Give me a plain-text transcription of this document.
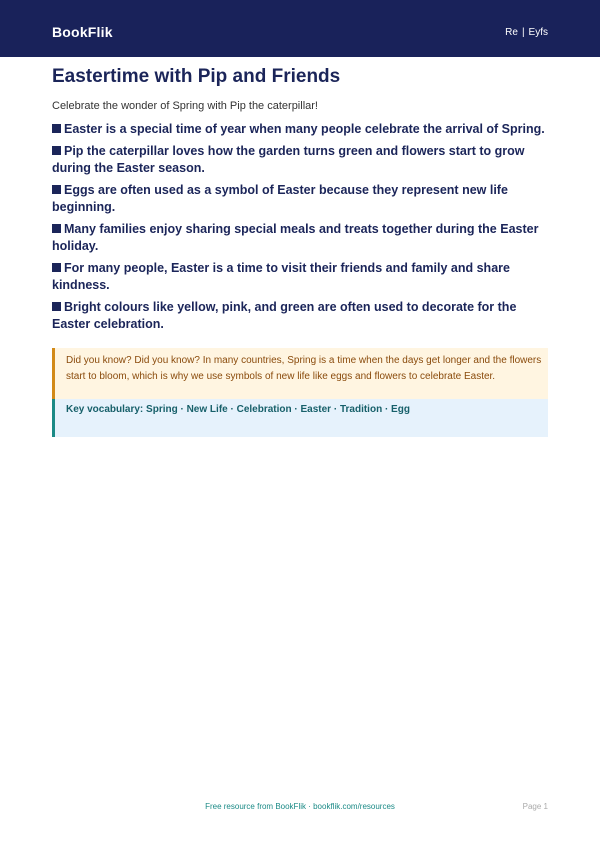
BookFlik	Re | Eyfs
Eastertime with Pip and Friends

Celebrate the wonder of Spring with Pip the caterpillar!

Easter is a special time of year when many people celebrate the arrival of Spring.
Pip the caterpillar loves how the garden turns green and flowers start to grow during the Easter season.
Eggs are often used as a symbol of Easter because they represent new life beginning.
Many families enjoy sharing special meals and treats together during the Easter holiday.
For many people, Easter is a time to visit their friends and family and share kindness.
Bright colours like yellow, pink, and green are often used to decorate for the Easter celebration.
Did you know? Did you know? In many countries, Spring is a time when the days get longer and the flowers start to bloom, which is why we use symbols of new life like eggs and flowers to celebrate Easter.
Key vocabulary: Spring · New Life · Celebration · Easter · Tradition · Egg
Free resource from BookFlik · bookflik.com/resources	Page 1
